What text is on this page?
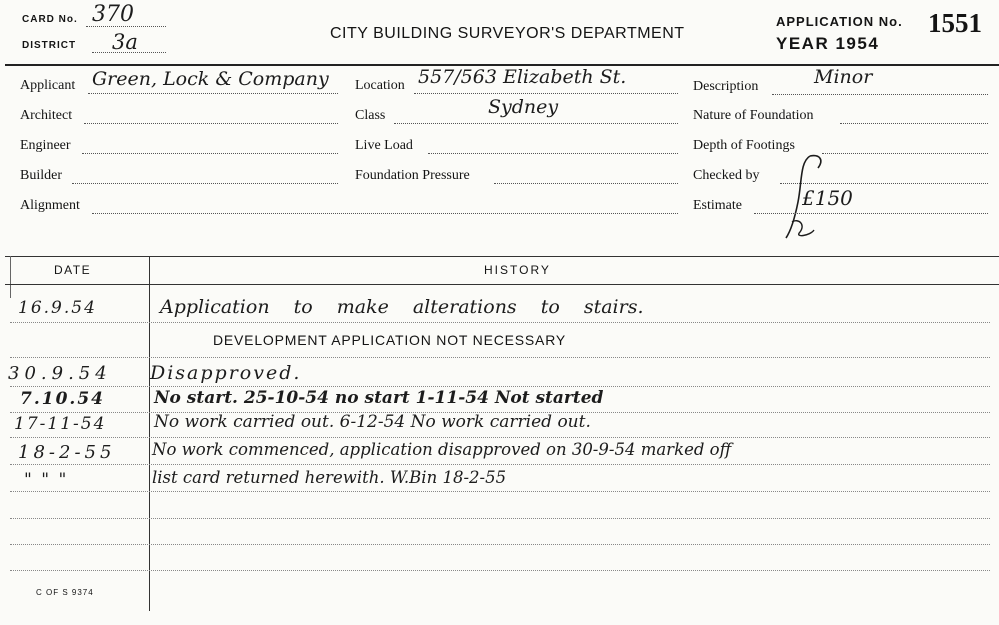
CARD No. 370
DISTRICT 3a	CITY BUILDING SURVEYOR'S DEPARTMENT
APPLICATION No. 1551
YEAR 1954
Applicant Green, Lock & Company
Architect
Engineer
Builder
Alignment
Location 557/563 Elizabeth St.
Class	Sydney
Live Load
Foundation Pressure
Description	Minor
Nature of Foundation
Depth of Footings
Checked by
Estimate	£150
DATE	HISTORY
16.9.54	Application to make alterations to stairs.
DEVELOPMENT APPLICATION NOT NECESSARY
30.9.54 Disapproved.
7.10.54	No start. 25-10-54 no start 1-11-54 Not started
17-11-54	No work carried out. 6-12-54 No work carried out.
18-2-55 No work commenced, application disapproved on 30-9-54 marked off
" " "	list card returned herewith. W.Bin 18-2-55
C OF S 9374
